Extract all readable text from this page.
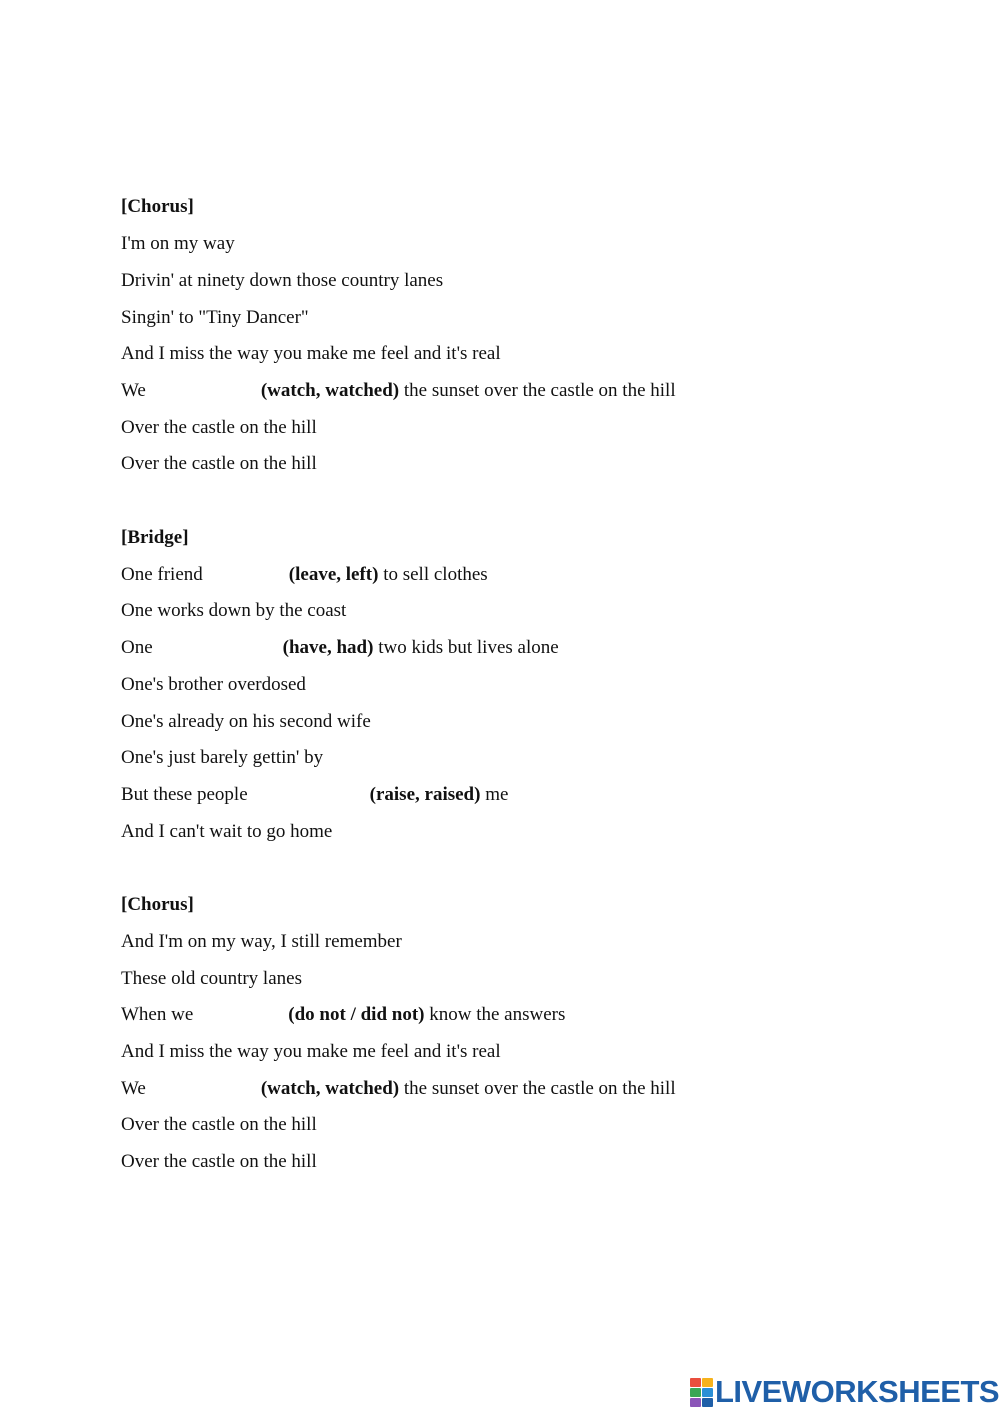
[Chorus]
I'm on my way
Drivin' at ninety down those country lanes
Singin' to "Tiny Dancer"
And I miss the way you make me feel and it's real
We	(watch, watched) the sunset over the castle on the hill
Over the castle on the hill
Over the castle on the hill
[Bridge]
One friend	(leave, left) to sell clothes
One works down by the coast
One	(have, had) two kids but lives alone
One's brother overdosed
One's already on his second wife
One's just barely gettin' by
But these people	(raise, raised) me
And I can't wait to go home
[Chorus]
And I'm on my way, I still remember
These old country lanes
When we	(do not / did not) know the answers
And I miss the way you make me feel and it's real
We	(watch, watched) the sunset over the castle on the hill
Over the castle on the hill
Over the castle on the hill
LIVEWORKSHEETS
